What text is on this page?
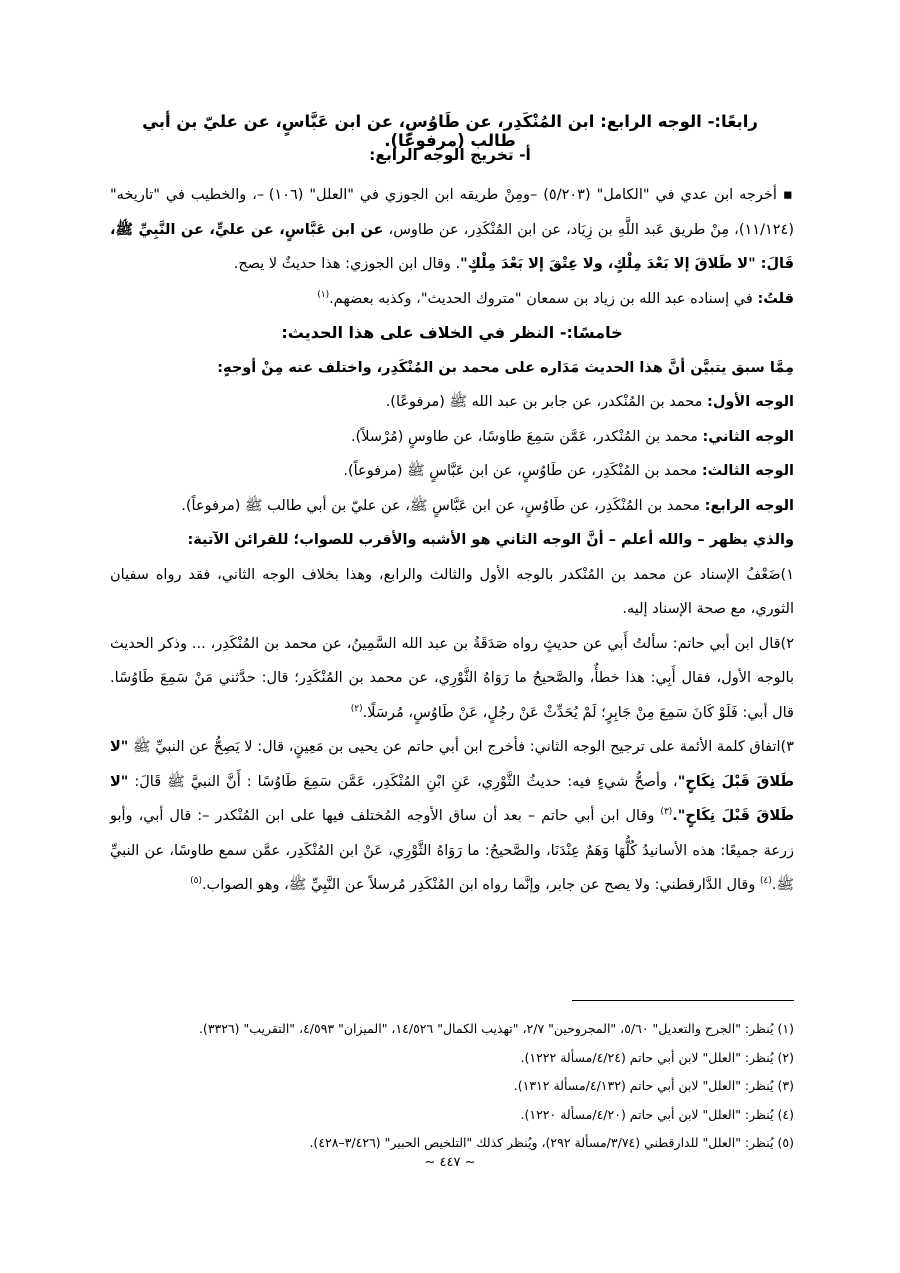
رابعًا:- الوجه الرابع: ابن المُنْكَدِر، عن طَاوُسٍ، عن ابن عَبَّاسٍ، عن عليّ بن أبي طالب (مرفوعًا).
أ- تخريج الوجه الرابع:

▪ أخرجه ابن عدي في "الكامل" (٥/٢٠٣) –ومِنْ طريقه ابن الجوزي في "العلل" (١٠٦) –، والخطيب في "تاريخه" (١١/١٢٤)، مِنْ طريق عَبد اللَّهِ بن زِيَاد، عن ابن المُنْكَدِر، عن طاوس، عن ابن عَبَّاسٍ، عن عليٍّ، عن النَّبِيِّ ﷺ، قَالَ: "لا طَلاقَ إلا بَعْدَ مِلْكٍ، ولا عِتْقَ إلا بَعْدَ مِلْكٍ". وقال ابن الجوزي: هذا حديثٌ لا يصح.

قلتُ: في إسناده عبد الله بن زياد بن سمعان "متروك الحديث"، وكذبه بعضهم.$^{(١)}$

خامسًا:- النظر في الخلاف على هذا الحديث:

مِمَّا سبق يتبيَّن أنَّ هذا الحديث مَدَاره على محمد بن المُنْكَدِر، واختلف عنه مِنْ أوجهٍ:

الوجه الأول: محمد بن المُنْكدر، عن جابر بن عبد الله ﷺ (مرفوعًا).

الوجه الثاني: محمد بن المُنْكدر، عَمَّن سَمِعَ طاوسًا، عن طاوسٍ (مُرْسلاً).

الوجه الثالث: محمد بن المُنْكَدِر، عن طَاوُسٍ، عن ابن عَبَّاسٍ ﷺ (مرفوعاً).

الوجه الرابع: محمد بن المُنْكَدِر، عن طَاوُسٍ، عن ابن عَبَّاسٍ ﷺ، عن عليّ بن أبي طالب ﷺ (مرفوعاً).

والذي يظهر – والله أعلم – أنَّ الوجه الثاني هو الأشبه والأقرب للصواب؛ للقرائن الآتية:

١)ضَعْفُ الإسناد عن محمد بن المُنْكدر بالوجه الأول والثالث والرابع، وهذا بخلاف الوجه الثاني، فقد رواه سفيان الثوري، مع صحة الإسناد إليه.

٢)قال ابن أبي حاتم: سألتُ أَبي عن حديثٍ رواه صَدَقَةُ بن عبد الله السَّمِينُ، عن محمد بن المُنْكَدِر، ... وذكر الحديث بالوجه الأول، فقال أَبِي: هذا خطأٌ، والصَّحيحُ ما رَوَاهُ الثَّوْرِي، عن محمد بن المُنْكَدِر؛ قال: حدَّثني مَنْ سَمِعَ طَاوُسًا. قال أبي: فَلَوْ كَانَ سَمِعَ مِنْ جَابِرٍ؛ لَمْ يُحَدِّثْ عَنْ رجُلٍ، عَنْ طَاوُسٍ، مُرسَلًا.$^{(٢)}$

٣)اتفاق كلمة الأئمة على ترجيح الوجه الثاني: فأخرج ابن أبي حاتم عن يحيى بن مَعِينٍ، قال: لا يَصِحُّ عن النبيِّ ﷺ "لا طَلاقَ قَبْلَ نِكَاحٍ"، وأصحُّ شيءٍ فيه: حديثُ الثَّوْرِي، عَنِ ابْنِ المُنْكَدِر، عَمَّن سَمِعَ طَاوُسًا : أَنَّ النبيَّ ﷺ قَالَ: "لا طَلاقَ قَبْلَ نِكَاحٍ".$^{(٣)}$ وقال ابن أبي حاتم – بعد أن ساق الأوجه المُختلف فيها على ابن المُنْكدر –: قال أبي، وأبو زرعة جميعًا: هذه الأسانيدُ كُلُّهَا وَهَمٌ عِنْدَنَا، والصَّحيحُ: ما رَوَاهُ الثَّوْرِي، عَنْ ابن المُنْكَدِر، عمَّن سمع طاوسًا، عن النبيِّ ﷺ.$^{(٤)}$ وقال الدَّارقطني: ولا يصح عن جابر، وإنَّما رواه ابن المُنْكَدِر مُرسلاً عن النَّبِيِّ ﷺ، وهو الصواب.$^{(٥)}$

(١) يُنظر: "الجرح والتعديل" ٥/٦٠، "المجروحين" ٢/٧، "تهذيب الكمال" ١٤/٥٢٦، "الميزان" ٤/٥٩٣، "التقريب" (٣٣٢٦).

(٢) يُنظر: "العلل" لابن أبي حاتم (٤/٢٤/مسألة ١٢٢٢).

(٣) يُنظر: "العلل" لابن أبي حاتم (٤/١٣٢/مسألة ١٣١٢).

(٤) يُنظر: "العلل" لابن أبي حاتم (٤/٢٠/مسألة ١٢٢٠).

(٥) يُنظر: "العلل" للدارقطني (٣/٧٤/مسألة ٢٩٢)، ويُنظر كذلك "التلخيص الحبير" (٣/٤٢٦–٤٢٨).

~ ٤٤٧ ~
